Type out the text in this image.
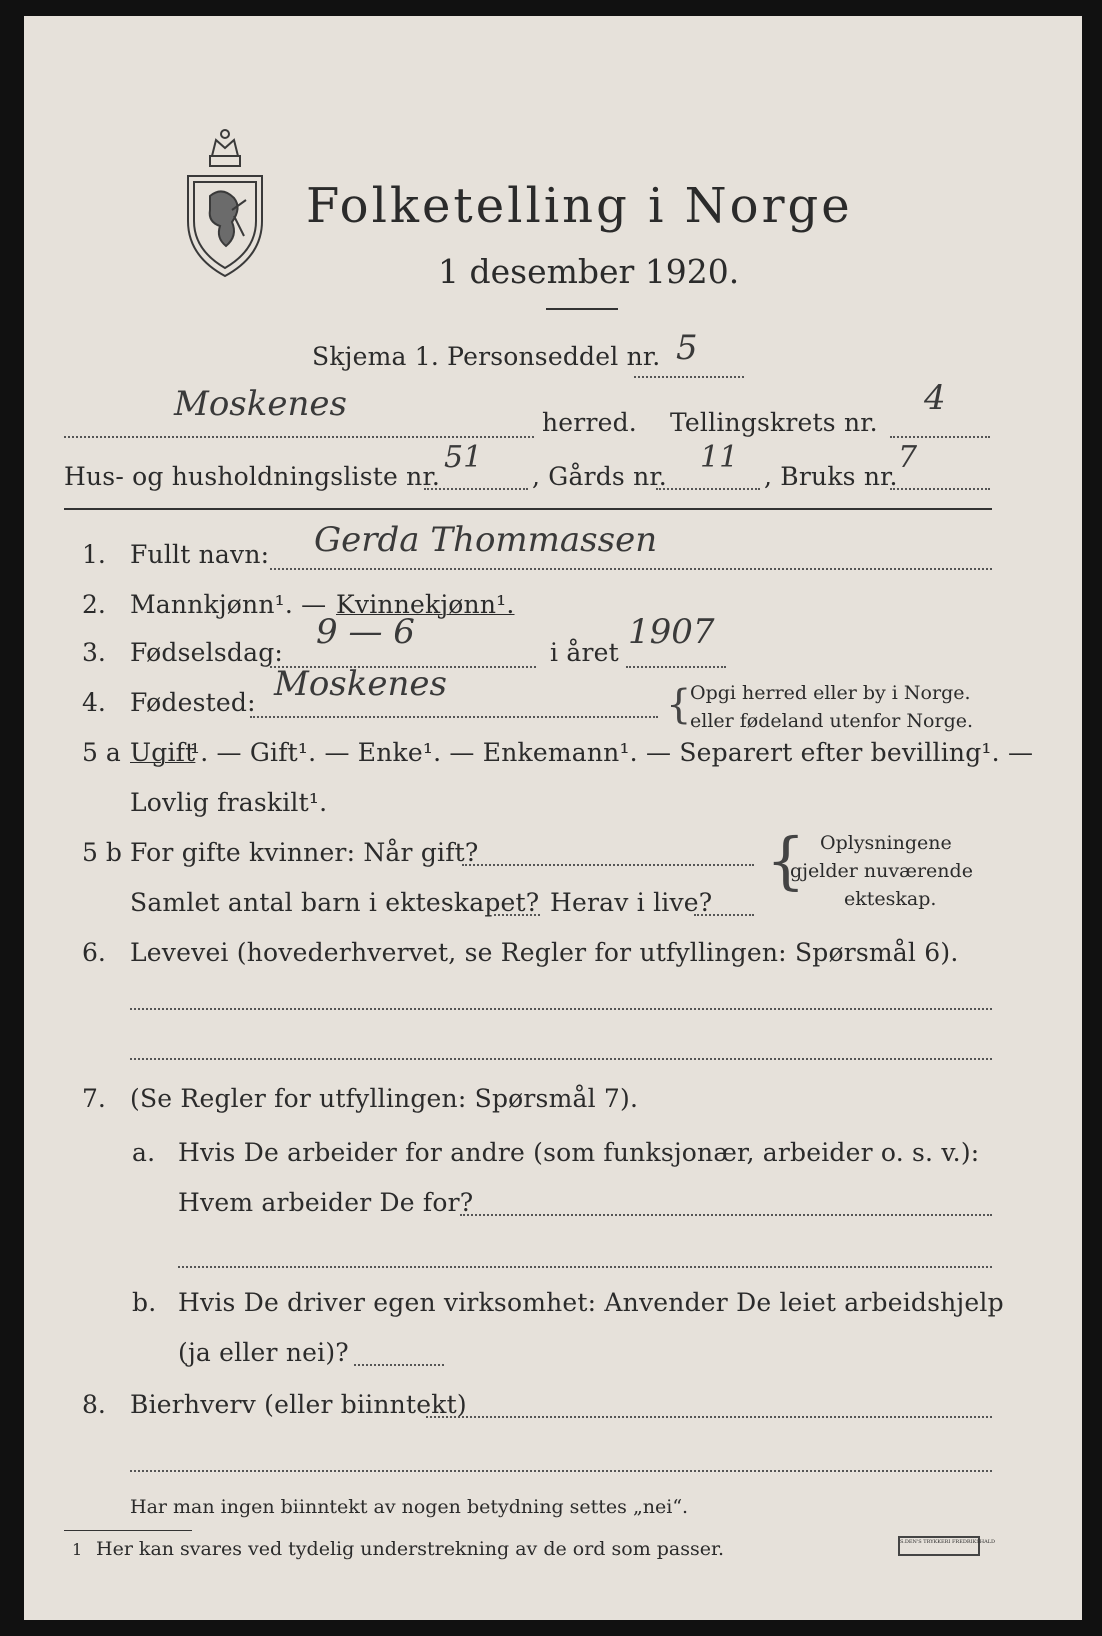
Folketelling i Norge
1 desember 1920.
Skjema 1. Personseddel nr. 5
Moskenes	herred. Tellingskrets nr.
4
Hus- og husholdningsliste nr.
51
, Gårds nr.
11
, Bruks nr.
7
1. Fullt navn: Gerda Thommassen
2. Mannkjønn¹. — Kvinnekjønn¹.
3. Fødselsdag:
9 — 6
i året
1907
4. Fødested: Moskenes	{
Opgi herred eller by i Norge.
eller fødeland utenfor Norge.
5 a Ugift
¹. — Gift¹. — Enke¹. — Enkemann¹. — Separert efter bevilling¹. —
Lovlig fraskilt¹.
5 b For gifte kvinner: Når gift?
Samlet antal barn i ekteskapet? Herav i live?
{ Oplysningene
gjelder nuværende
ekteskap.
6. Levevei (hovederhvervet, se Regler for utfyllingen: Spørsmål 6).
7. (Se Regler for utfyllingen: Spørsmål 7).
a. Hvis De arbeider for andre (som funksjonær, arbeider o. s. v.):
Hvem arbeider De for?
b. Hvis De driver egen virksomhet: Anvender De leiet arbeidshjelp
(ja eller nei)?
8. Bierhverv (eller biinntekt)
Har man ingen biinntekt av nogen betydning settes „nei“.
1 Her kan svares ved tydelig understrekning av de ord som passer.	S.DEN'S TRYKKERI FREDRIKSHALD
